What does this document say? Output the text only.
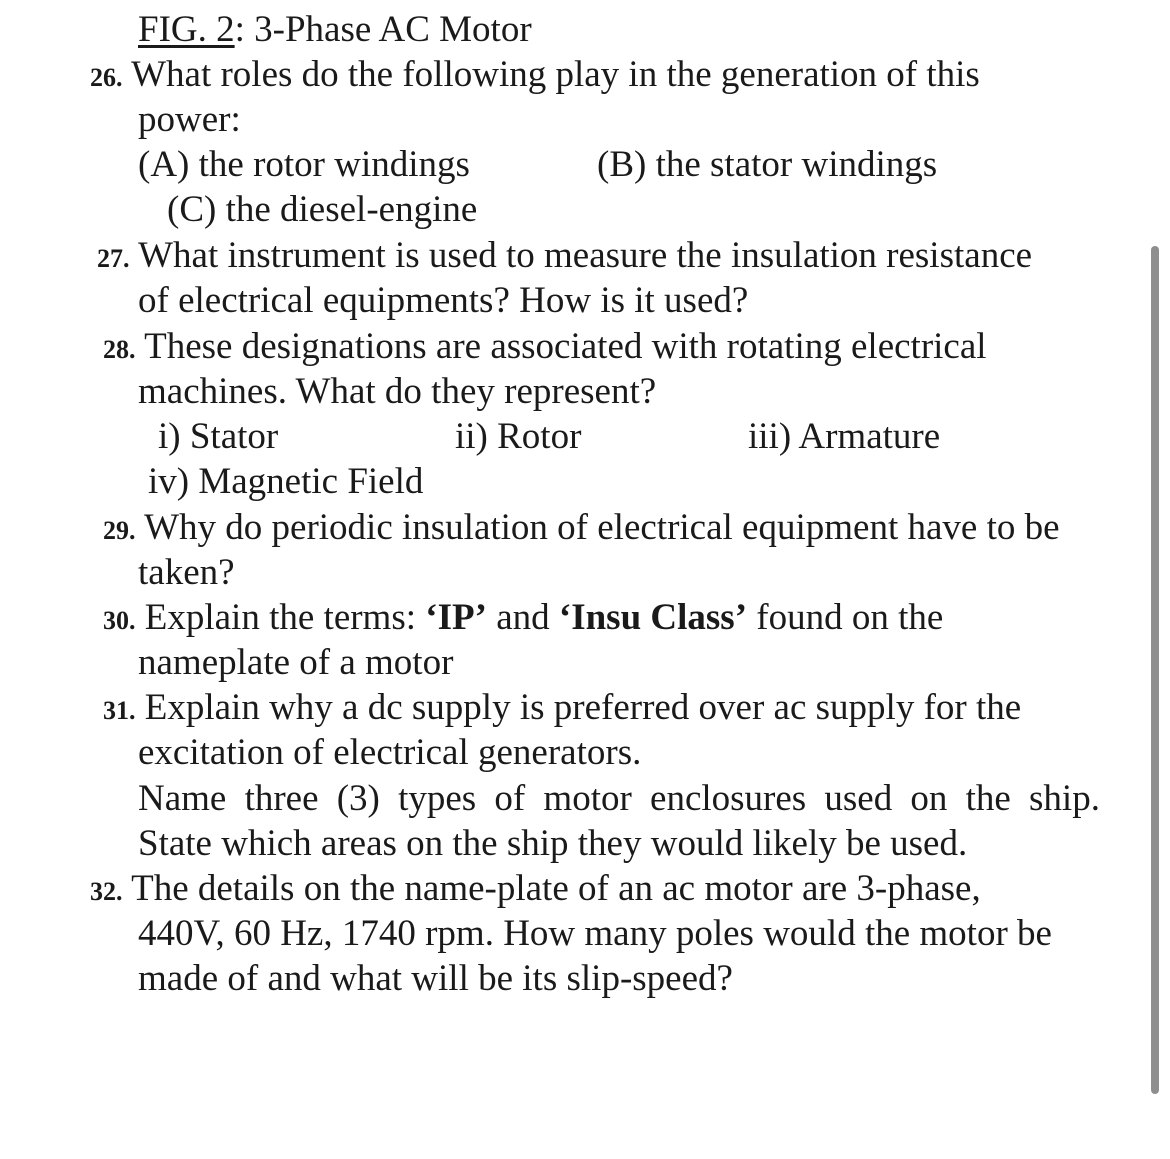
FIG. 2: 3-Phase AC Motor
26. What roles do the following play in the generation of this
power:
(A) the rotor windings	(B) the stator windings
(C) the diesel-engine
27. What instrument is used to measure the insulation resistance
of electrical equipments? How is it used?
28. These designations are associated with rotating electrical
machines. What do they represent?
i) Stator	ii) Rotor	iii) Armature
iv) Magnetic Field
29. Why do periodic insulation of electrical equipment have to be
taken?
30. Explain the terms: ‘IP’ and ‘Insu Class’ found on the
nameplate of a motor
31. Explain why a dc supply is preferred over ac supply for the
excitation of electrical generators.
Name three (3) types of motor enclosures used on the ship.
State which areas on the ship they would likely be used.
32. The details on the name-plate of an ac motor are 3-phase,
440V, 60 Hz, 1740 rpm. How many poles would the motor be
made of and what will be its slip-speed?
